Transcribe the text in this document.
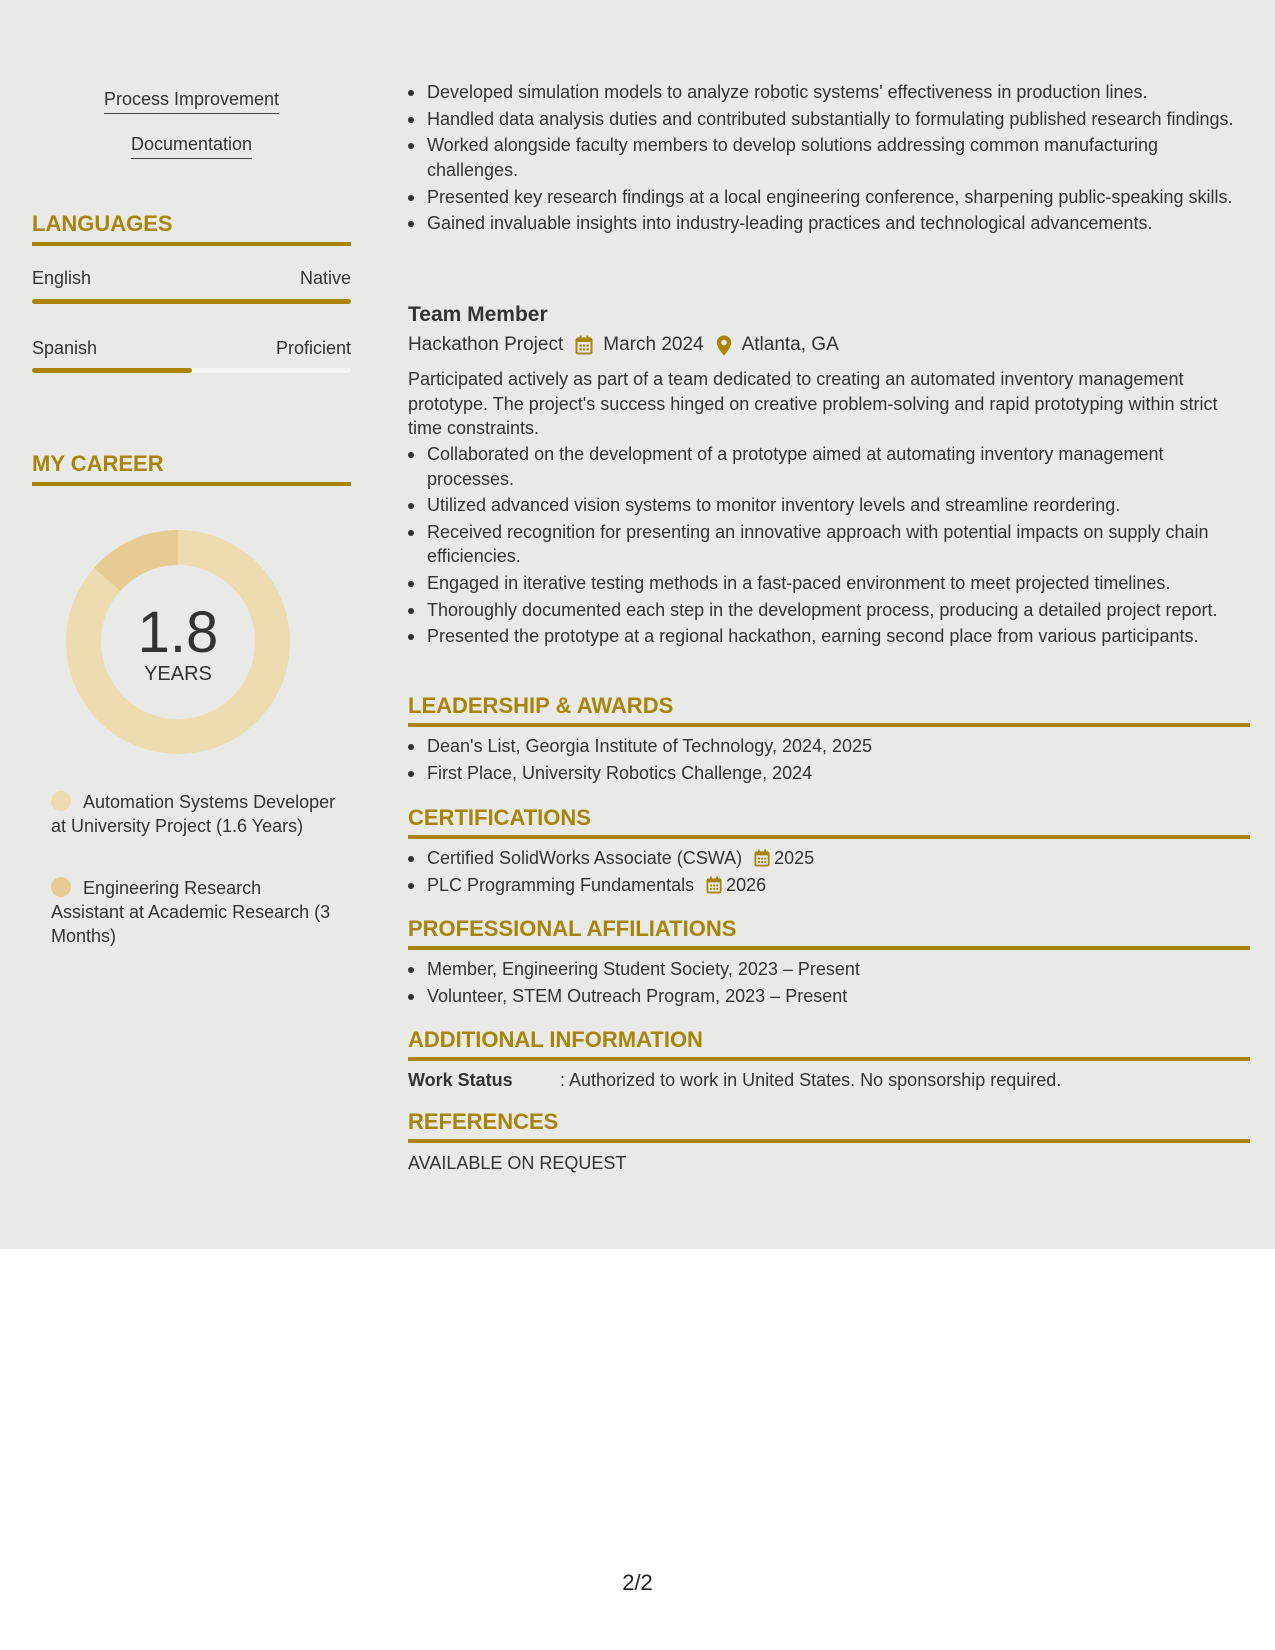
Process Improvement
Documentation
LANGUAGES
English	Native
Spanish	Proficient
MY CAREER
1.8
YEARS
Automation Systems Developer at University Project (1.6 Years)
Engineering Research Assistant at Academic Research (3 Months)
Developed simulation models to analyze robotic systems' effectiveness in production lines.
Handled data analysis duties and contributed substantially to formulating published research findings.
Worked alongside faculty members to develop solutions addressing common manufacturing challenges.
Presented key research findings at a local engineering conference, sharpening public-speaking skills.
Gained invaluable insights into industry-leading practices and technological advancements.
Team Member
Hackathon Project March 2024 Atlanta, GA
Participated actively as part of a team dedicated to creating an automated inventory management prototype. The project's success hinged on creative problem-solving and rapid prototyping within strict time constraints.
Collaborated on the development of a prototype aimed at automating inventory management processes.
Utilized advanced vision systems to monitor inventory levels and streamline reordering.
Received recognition for presenting an innovative approach with potential impacts on supply chain efficiencies.
Engaged in iterative testing methods in a fast-paced environment to meet projected timelines.
Thoroughly documented each step in the development process, producing a detailed project report.
Presented the prototype at a regional hackathon, earning second place from various participants.
LEADERSHIP & AWARDS
Dean's List, Georgia Institute of Technology, 2024, 2025
First Place, University Robotics Challenge, 2024
CERTIFICATIONS
Certified SolidWorks Associate (CSWA) 2025
PLC Programming Fundamentals 2026
PROFESSIONAL AFFILIATIONS
Member, Engineering Student Society, 2023 – Present
Volunteer, STEM Outreach Program, 2023 – Present
ADDITIONAL INFORMATION
Work Status	: Authorized to work in United States. No sponsorship required.
REFERENCES
AVAILABLE ON REQUEST
2/2
